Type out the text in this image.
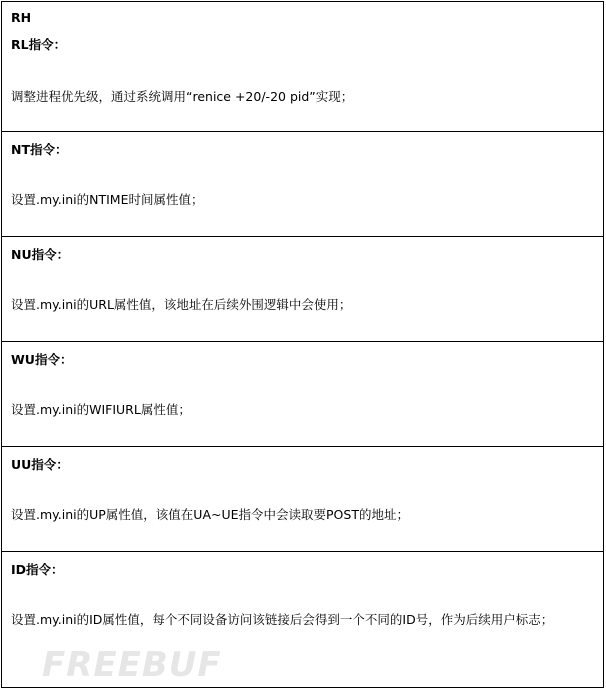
RH
RL指令：
调整进程优先级，通过系统调用“renice +20/-20 pid”实现；

NT指令：
设置.my.ini的NTIME时间属性值；

NU指令：
设置.my.ini的URL属性值，该地址在后续外围逻辑中会使用；

WU指令：
设置.my.ini的WIFIURL属性值；

UU指令：
设置.my.ini的UP属性值，该值在UA~UE指令中会读取要POST的地址；

ID指令：
设置.my.ini的ID属性值，每个不同设备访问该链接后会得到一个不同的ID号，作为后续用户标志；
FREEBUF
